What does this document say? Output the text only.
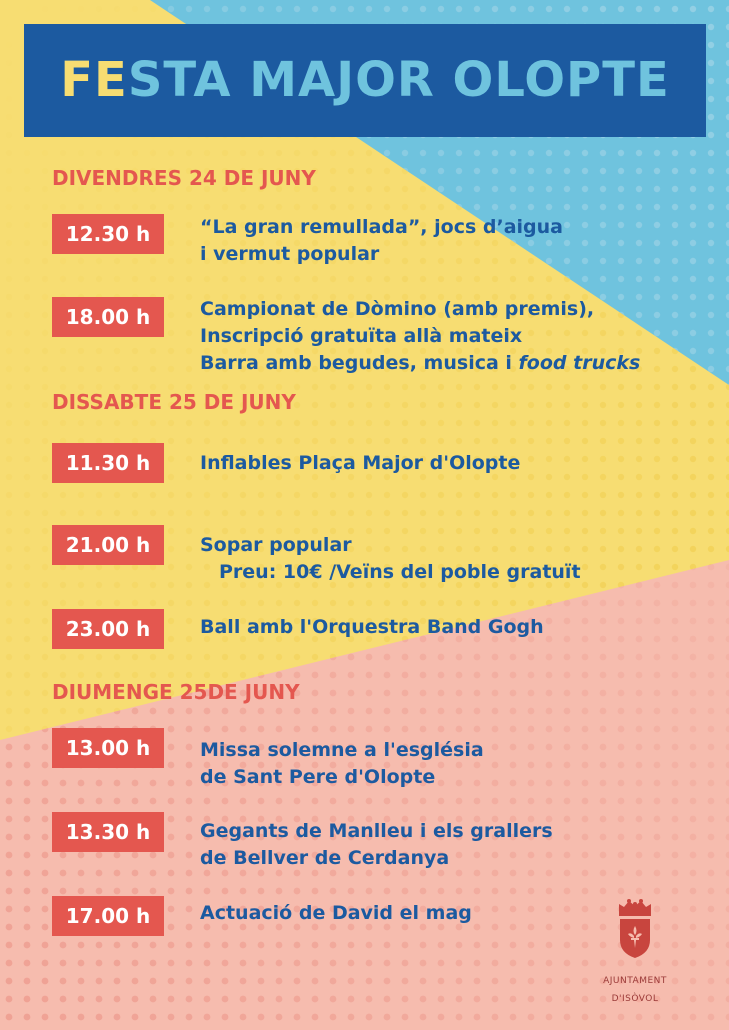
FESTA MAJOR OLOPTE
DIVENDRES 24 DE JUNY
12.30 h	“La gran remullada”, jocs d’aigua
i vermut popular
18.00 h	Campionat de Dòmino (amb premis),
Inscripció gratuïta allà mateix
Barra amb begudes, musica i food trucks
DISSABTE 25 DE JUNY
11.30 h	Inflables Plaça Major d'Olopte
21.00 h	Sopar popular
Preu: 10€ /Veïns del poble gratuït
23.00 h	Ball amb l'Orquestra Band Gogh
DIUMENGE 25DE JUNY
13.00 h	Missa solemne a l'església
de Sant Pere d'Olopte
13.30 h	Gegants de Manlleu i els grallers
de Bellver de Cerdanya
17.00 h	Actuació de David el mag
AJUNTAMENT
D'ISÒVOL
